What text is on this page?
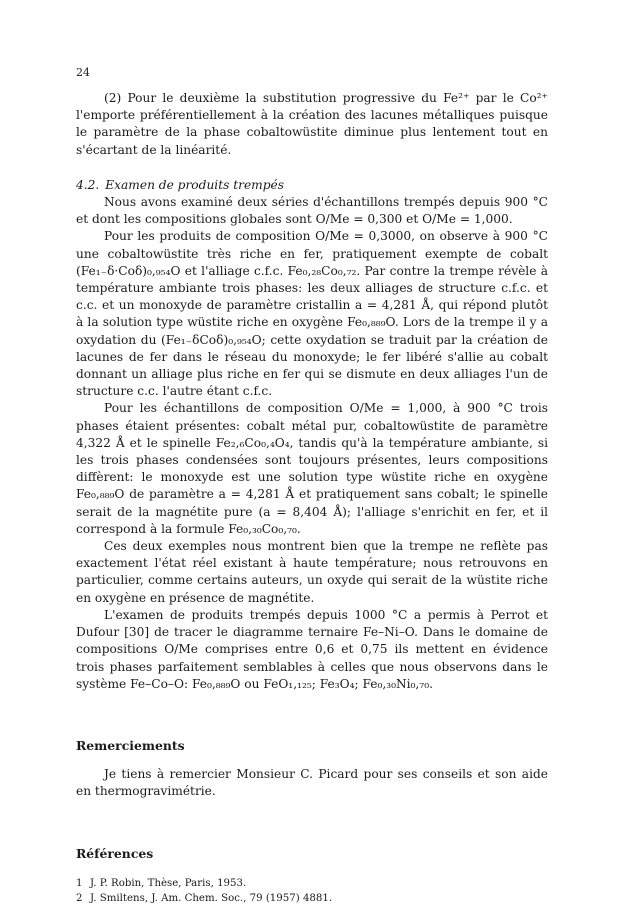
24

(2) Pour le deuxième la substitution progressive du Fe²⁺ par le Co²⁺ l'emporte préférentiellement à la création des lacunes métalliques puisque le paramètre de la phase cobaltowüstite diminue plus lentement tout en s'écartant de la linéarité.

4.2. Examen de produits trempés

Nous avons examiné deux séries d'échantillons trempés depuis 900 °C et dont les compositions globales sont O/Me = 0,300 et O/Me = 1,000.

Pour les produits de composition O/Me = 0,3000, on observe à 900 °C une cobaltowüstite très riche en fer, pratiquement exempte de cobalt (Fe₁₋δ·Coδ)₀,₉₅₄O et l'alliage c.f.c. Fe₀,₂₈Co₀,₇₂. Par contre la trempe révèle à température ambiante trois phases: les deux alliages de structure c.f.c. et c.c. et un monoxyde de paramètre cristallin a = 4,281 Å, qui répond plutôt à la solution type wüstite riche en oxygène Fe₀,₈₈₉O. Lors de la trempe il y a oxydation du (Fe₁₋δCoδ)₀,₉₅₄O; cette oxydation se traduit par la création de lacunes de fer dans le réseau du monoxyde; le fer libéré s'allie au cobalt donnant un alliage plus riche en fer qui se dismute en deux alliages l'un de structure c.c. l'autre étant c.f.c.

Pour les échantillons de composition O/Me = 1,000, à 900 °C trois phases étaient présentes: cobalt métal pur, cobaltowüstite de paramètre 4,322 Å et le spinelle Fe₂,₆Co₀,₄O₄, tandis qu'à la température ambiante, si les trois phases condensées sont toujours présentes, leurs compositions diffèrent: le monoxyde est une solution type wüstite riche en oxygène Fe₀,₈₈₉O de paramètre a = 4,281 Å et pratiquement sans cobalt; le spinelle serait de la magnétite pure (a = 8,404 Å); l'alliage s'enrichit en fer, et il correspond à la formule Fe₀,₃₀Co₀,₇₀.

Ces deux exemples nous montrent bien que la trempe ne reflète pas exactement l'état réel existant à haute température; nous retrouvons en particulier, comme certains auteurs, un oxyde qui serait de la wüstite riche en oxygène en présence de magnétite.

L'examen de produits trempés depuis 1000 °C a permis à Perrot et Dufour [30] de tracer le diagramme ternaire Fe–Ni–O. Dans le domaine de compositions O/Me comprises entre 0,6 et 0,75 ils mettent en évidence trois phases parfaitement semblables à celles que nous observons dans le système Fe–Co–O: Fe₀,₈₈₉O ou FeO₁,₁₂₅; Fe₃O₄; Fe₀,₃₀Ni₀,₇₀.

Remerciements

Je tiens à remercier Monsieur C. Picard pour ses conseils et son aide en thermogravimétrie.

Références

1 J. P. Robin, Thèse, Paris, 1953.
2 J. Smiltens, J. Am. Chem. Soc., 79 (1957) 4881.
